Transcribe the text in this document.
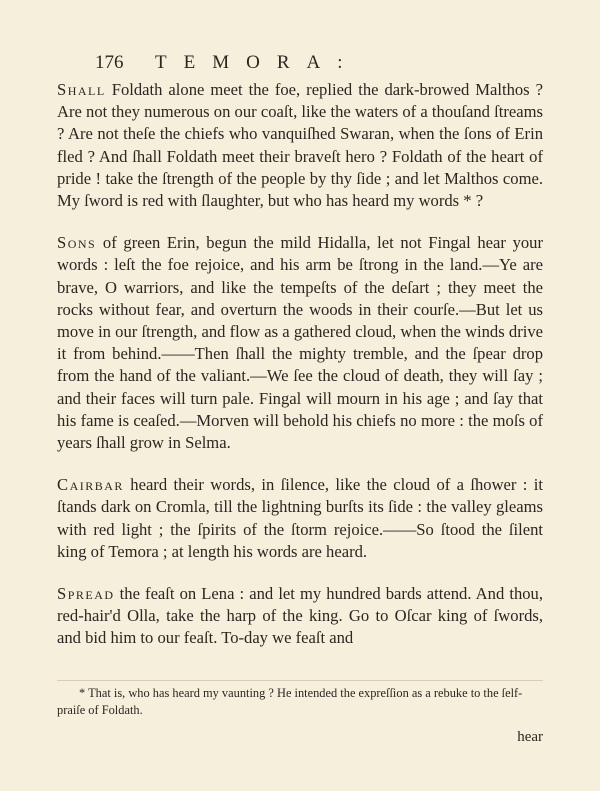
176 TEMORA:

Shall Foldath alone meet the foe, replied the dark-browed Malthos ? Are not they numerous on our coaſt, like the waters of a thouſand ſtreams ? Are not theſe the chiefs who vanquiſhed Swaran, when the ſons of Erin fled ? And ſhall Foldath meet their braveſt hero ? Foldath of the heart of pride ! take the ſtrength of the people by thy ſide ; and let Malthos come. My ſword is red with ſlaughter, but who has heard my words * ?

Sons of green Erin, begun the mild Hidalla, let not Fingal hear your words : leſt the foe rejoice, and his arm be ſtrong in the land.—Ye are brave, O warriors, and like the tempeſts of the deſart ; they meet the rocks without fear, and overturn the woods in their courſe.—But let us move in our ſtrength, and flow as a gathered cloud, when the winds drive it from behind.——Then ſhall the mighty tremble, and the ſpear drop from the hand of the valiant.—We ſee the cloud of death, they will ſay ; and their faces will turn pale. Fingal will mourn in his age ; and ſay that his fame is ceaſed.—Morven will behold his chiefs no more : the moſs of years ſhall grow in Selma.

Cairbar heard their words, in ſilence, like the cloud of a ſhower : it ſtands dark on Cromla, till the lightning burſts its ſide : the valley gleams with red light ; the ſpirits of the ſtorm rejoice.——So ſtood the ſilent king of Temora ; at length his words are heard.

Spread the feaſt on Lena : and let my hundred bards attend. And thou, red-hair'd Olla, take the harp of the king. Go to Oſcar king of ſwords, and bid him to our feaſt. To-day we feaſt and

* That is, who has heard my vaunting ? He intended the expreſſion as a rebuke to the ſelf-praiſe of Foldath.
hear
